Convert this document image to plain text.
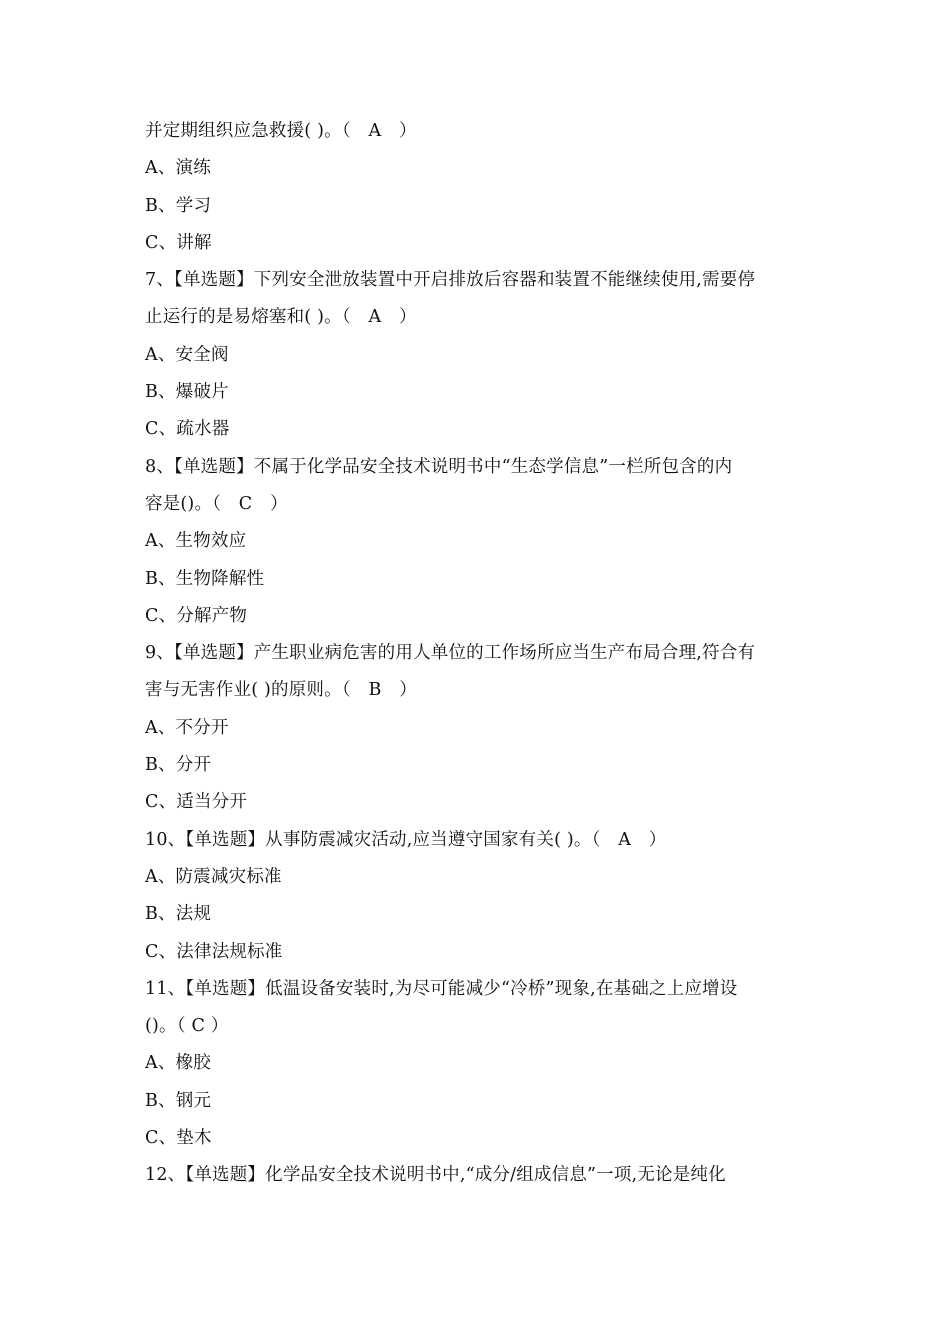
并定期组织应急救援( )。（　A　）
A、演练
B、学习
C、讲解
7、【单选题】下列安全泄放装置中开启排放后容器和装置不能继续使用,需要停
止运行的是易熔塞和( )。（　A　）
A、安全阀
B、爆破片
C、疏水器
8、【单选题】不属于化学品安全技术说明书中“生态学信息”一栏所包含的内
容是()。（　C　）
A、生物效应
B、生物降解性
C、分解产物
9、【单选题】产生职业病危害的用人单位的工作场所应当生产布局合理,符合有
害与无害作业( )的原则。（　B　）
A、不分开
B、分开
C、适当分开
10、【单选题】从事防震减灾活动,应当遵守国家有关( )。（　A　）
A、防震减灾标准
B、法规
C、法律法规标准
11、【单选题】低温设备安装时,为尽可能减少“冷桥”现象,在基础之上应增设
()。（ C ）
A、橡胶
B、钢元
C、垫木
12、【单选题】化学品安全技术说明书中,“成分/组成信息”一项,无论是纯化
